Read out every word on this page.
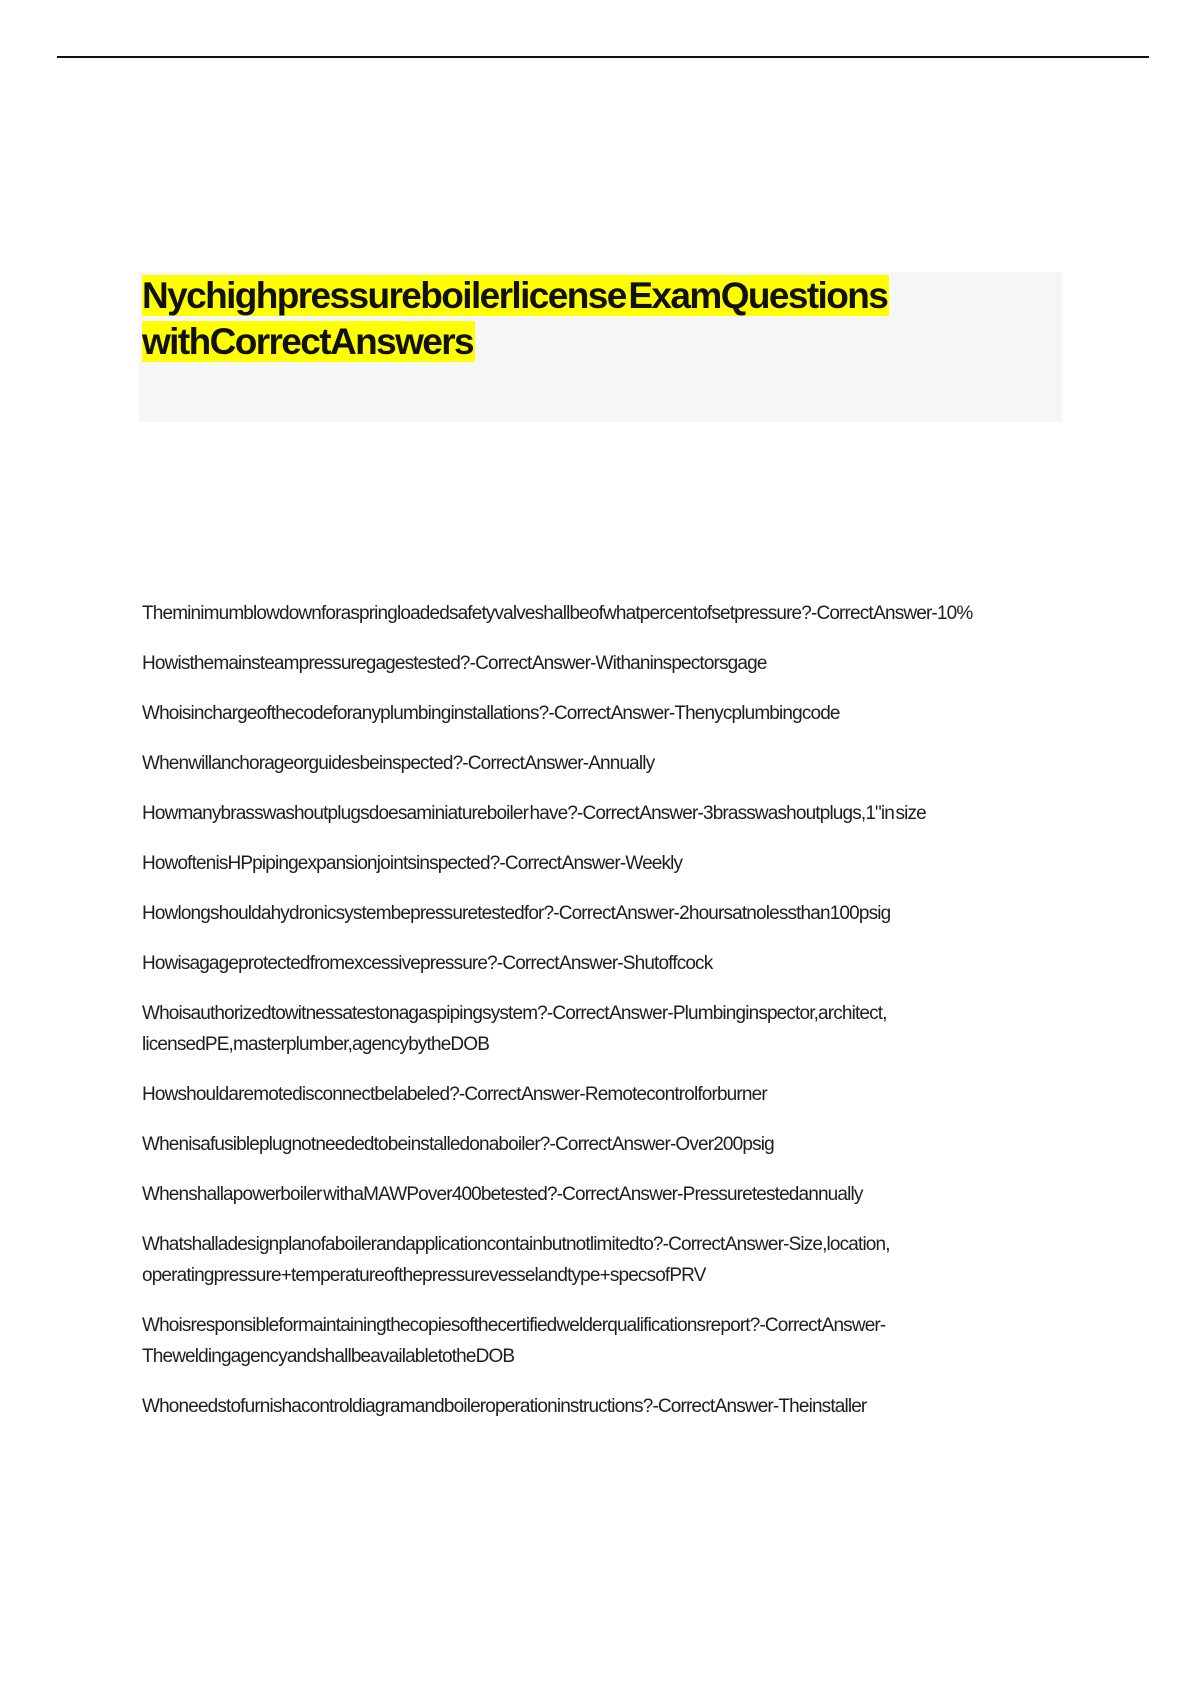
Nychighpressureboilerlicense ExamQuestions
withCorrectAnswers
Theminimumblowdownforaspringloadedsafetyvalveshallbeofwhatpercentofsetpressure?-Correct Answer-10%
Howisthemainsteampressuregagestested?-Correct Answer-Withaninspectorsgage
Whoisinchargeofthecodeforanyplumbinginstallations?-Correct Answer-Thenycplumbingcode
Whenwillanchorageorguidesbeinspected?-Correct Answer-Annually
Howmanybrasswashoutplugsdoesaminiatureboiler have?-Correct Answer-3brasswashoutplugs,1"in size
HowoftenisHPpipingexpansionjointsinspected?-Correct Answer-Weekly
Howlongshouldahydronicsystembepressuretestedfor?-Correct Answer-2hoursatnolessthan100psig
Howisagageprotectedfromexcessivepressure?-Correct Answer-Shutoffcock
Whoisauthorizedtowitnessatestonagaspipingsystem?-Correct Answer-Plumbinginspector,architect, licensedPE,masterplumber,agencybytheDOB
Howshouldaremotedisconnectbelabeled?-Correct Answer-Remotecontrolforburner
Whenisafusibleplugnotneededtobeinstalledonaboiler?-Correct Answer-Over200psig
Whenshallapowerboiler withaMAWPover400betested?-Correct Answer-Pressuretestedannually
Whatshalladesignplanofaboilerandapplicationcontainbutnotlimitedto?-Correct Answer-Size,location, operatingpressure+temperatureofthepressurevesselandtype+specsofPRV
Whoisresponsibleformaintainingthecopiesofthecertifiedwelderqualificationsreport?-Correct Answer- TheweldingagencyandshallbeavailabletotheDOB
Whoneedstofurnishacontroldiagramandboileroperationinstructions?-Correct Answer-Theinstaller
